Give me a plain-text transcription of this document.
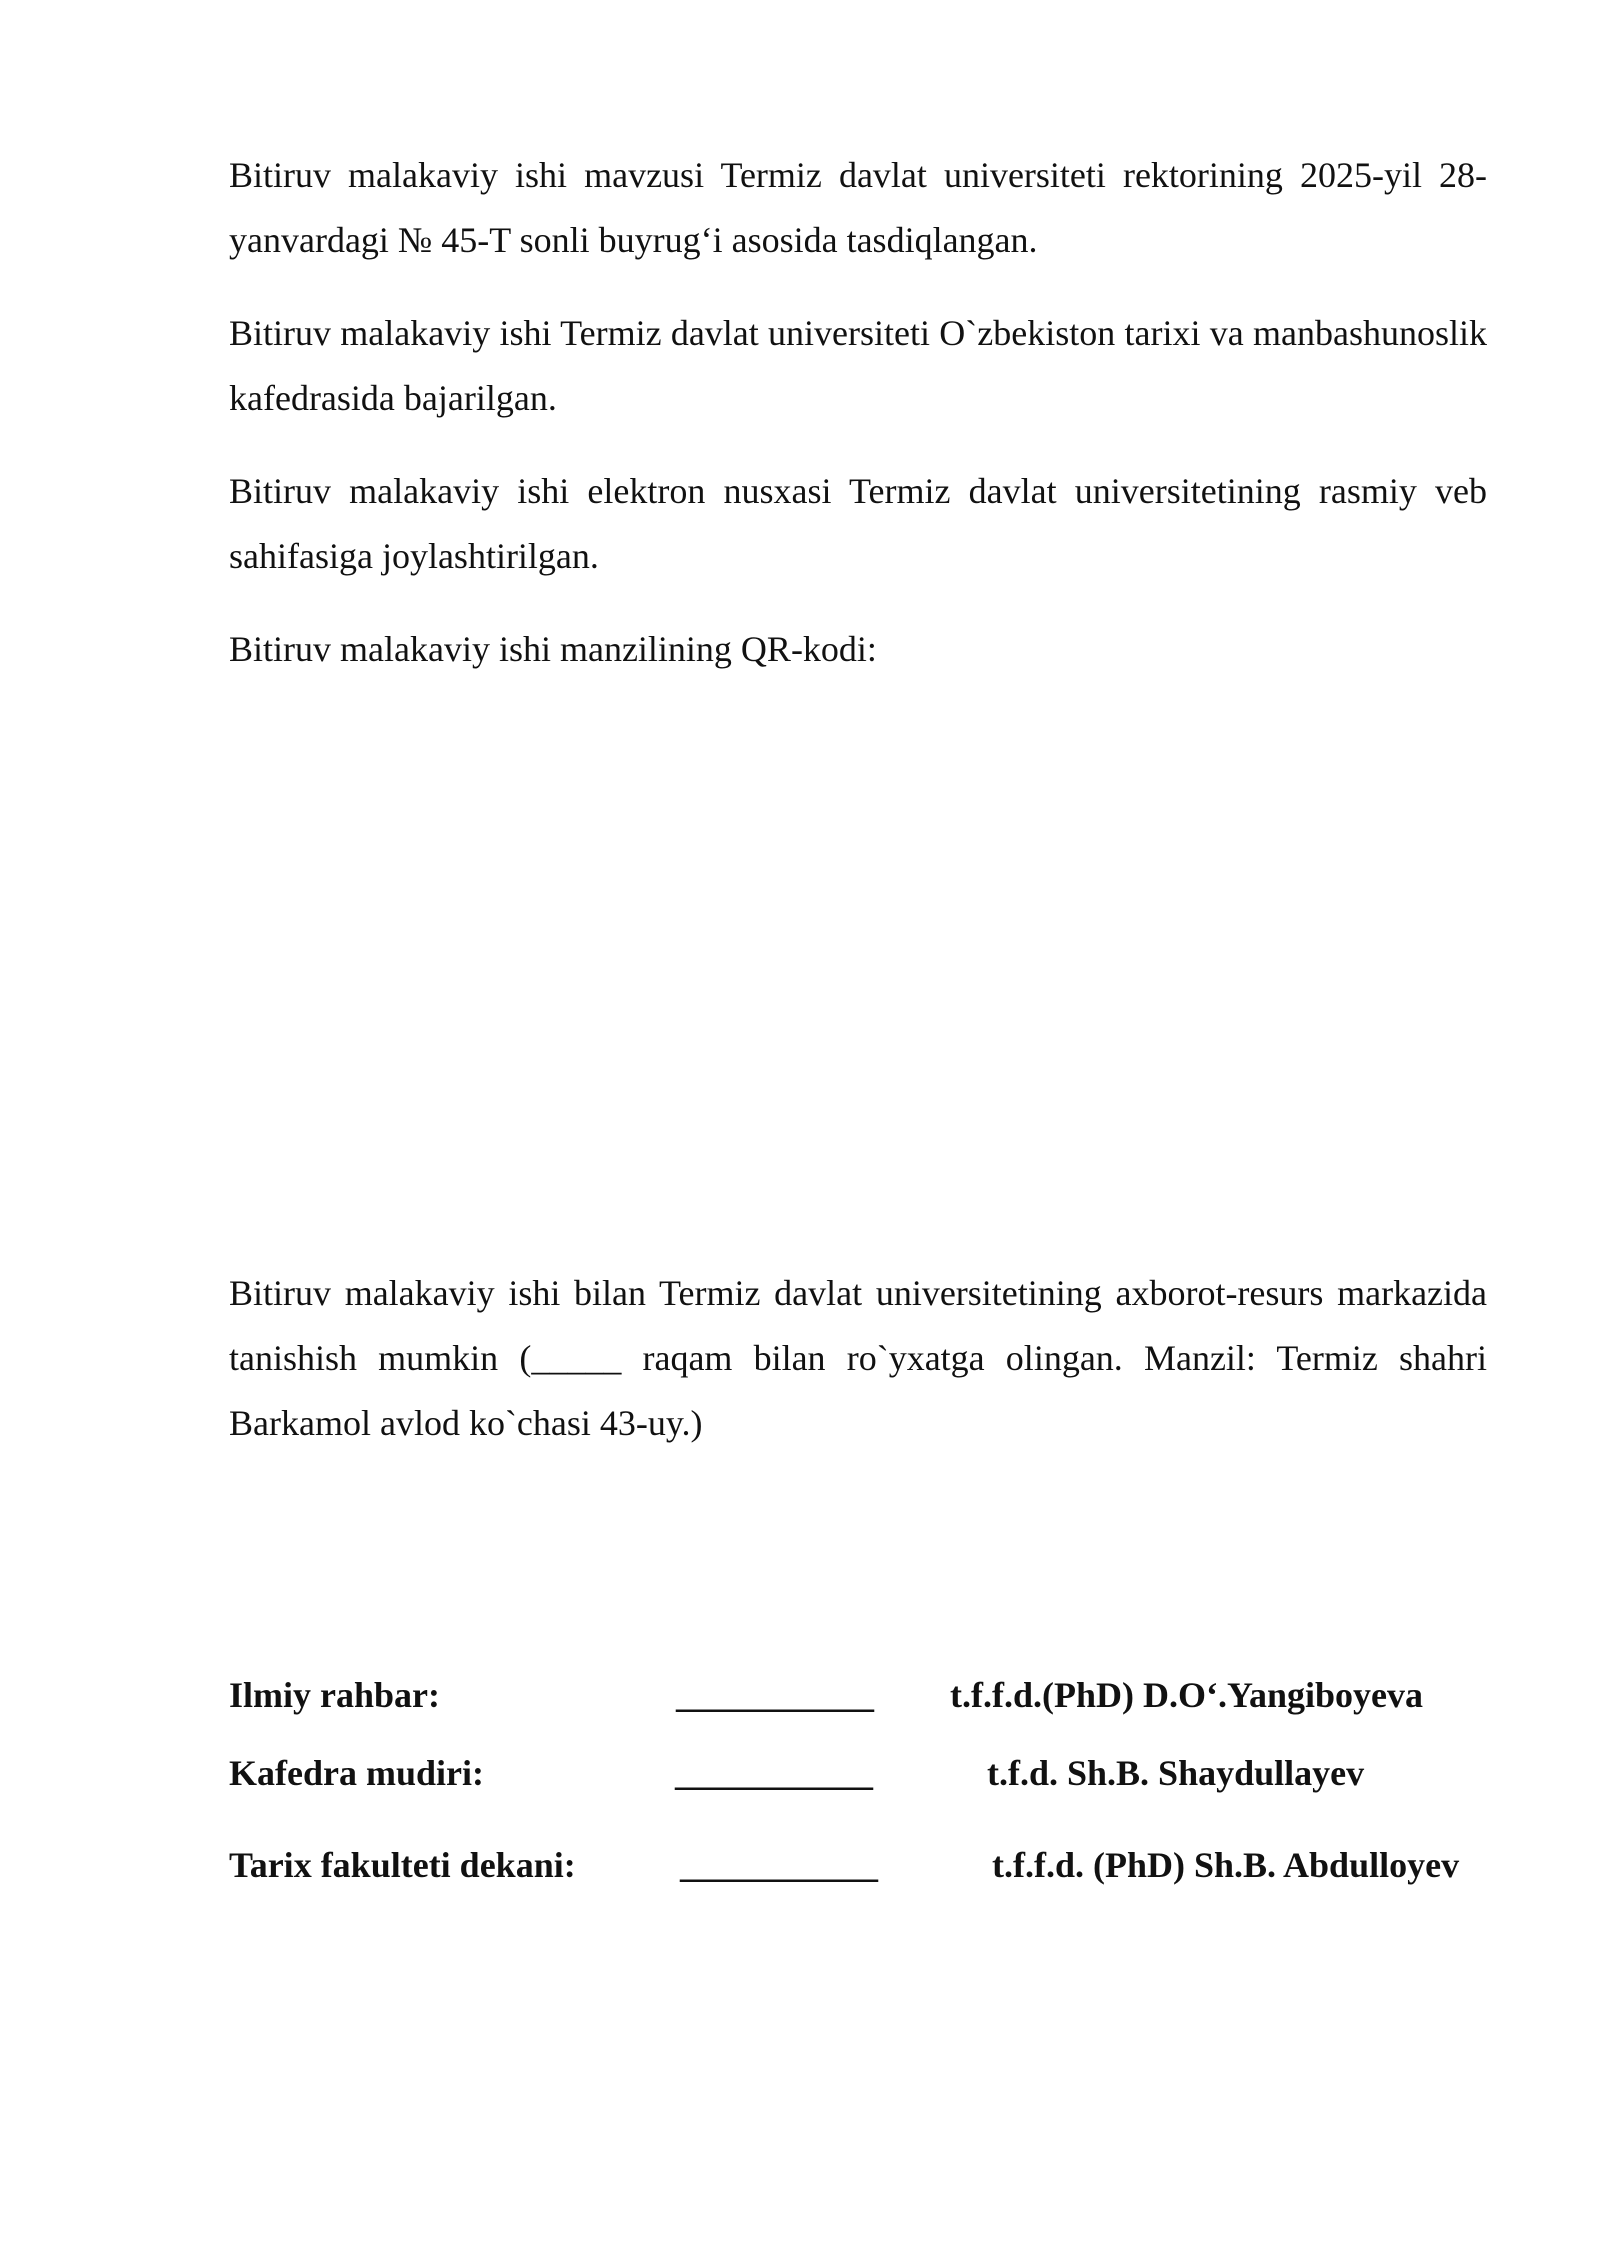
Bitiruv malakaviy ishi mavzusi Termiz davlat universiteti rektorining 2025-yil 28-yanvardagi № 45-T sonli buyrug‘i asosida tasdiqlangan.

Bitiruv malakaviy ishi Termiz davlat universiteti O`zbekiston tarixi va manbashunoslik kafedrasida bajarilgan.

Bitiruv malakaviy ishi elektron nusxasi Termiz davlat universitetining rasmiy veb sahifasiga joylashtirilgan.

Bitiruv malakaviy ishi manzilining QR-kodi:

Bitiruv malakaviy ishi bilan Termiz davlat universitetining axborot-resurs markazida tanishish mumkin (_____ raqam bilan ro`yxatga olingan. Manzil: Termiz shahri Barkamol avlod ko`chasi 43-uy.)

Ilmiy rahbar:	___________ t.f.f.d.(PhD) D.O‘.Yangiboyeva
Kafedra mudiri:	___________	t.f.d. Sh.B. Shaydullayev
Tarix fakulteti dekani:	___________	t.f.f.d. (PhD) Sh.B. Abdulloyev
